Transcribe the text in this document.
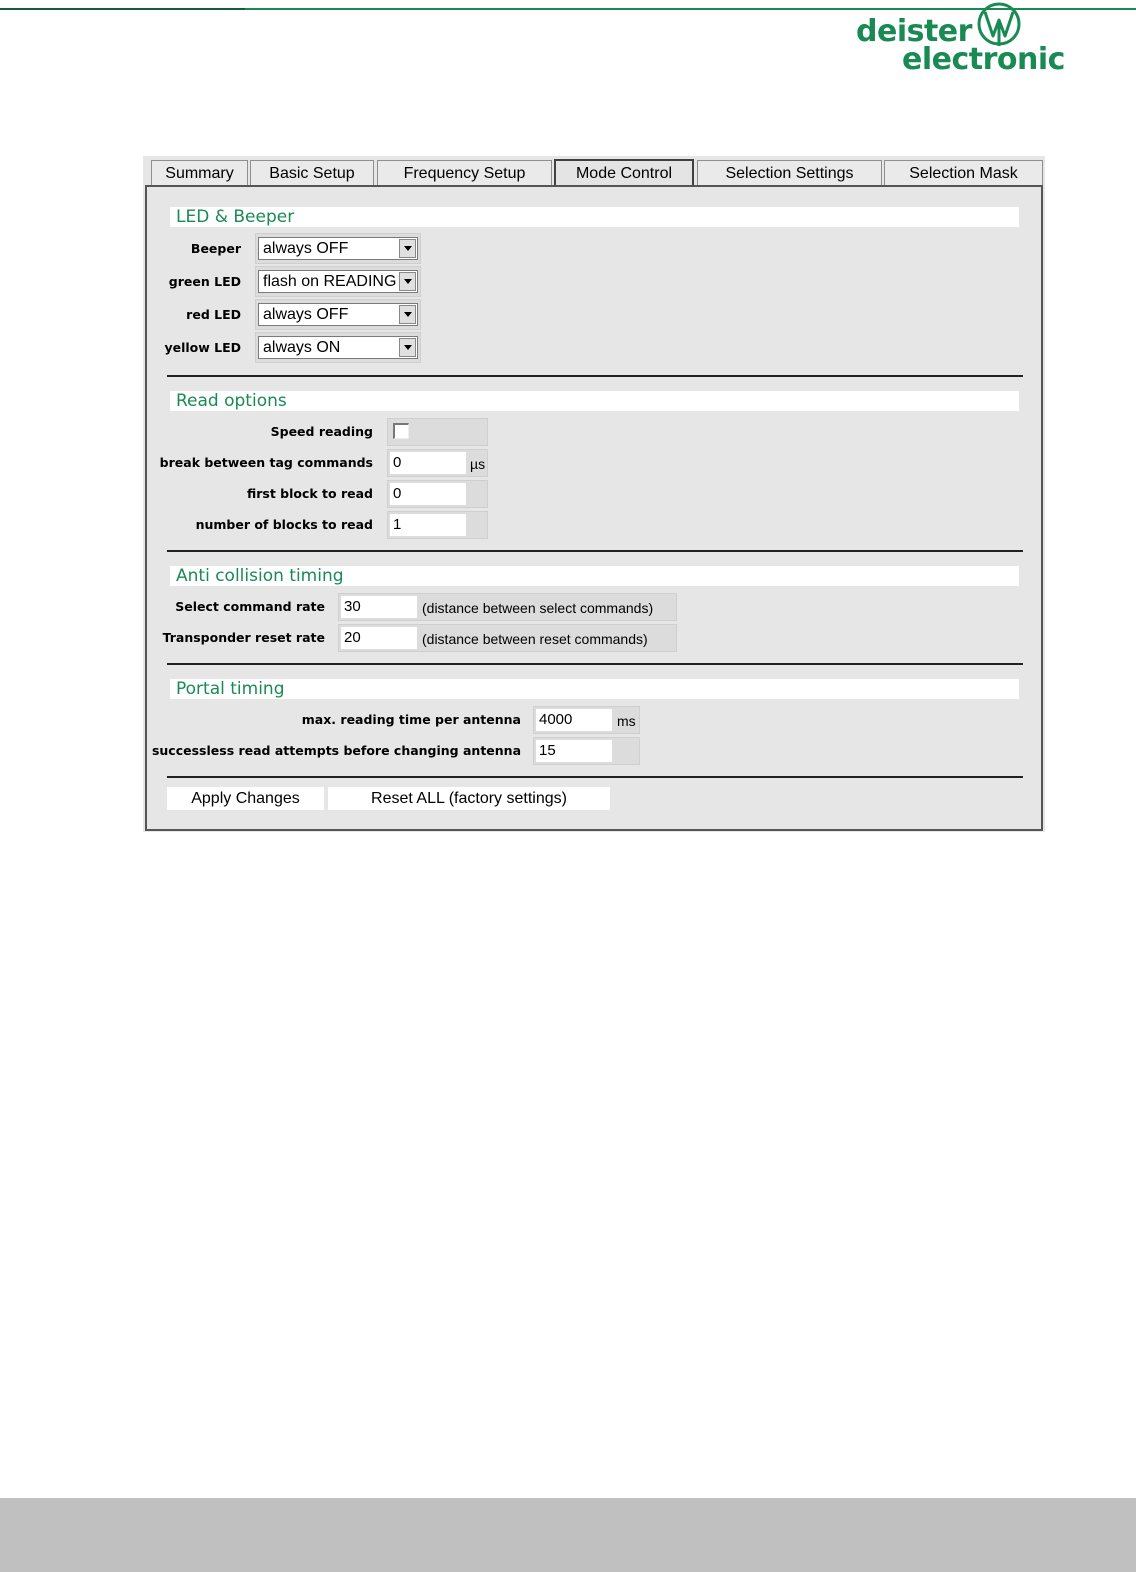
deister
electronic
Summary	Basic Setup	Frequency Setup	Mode Control	Selection Settings	Selection Mask
LED & Beeper
Beeper	always OFF
green LED	flash on READING
red LED	always OFF
yellow LED	always ON
Read options
Speed reading
break between tag commands 0	µs
first block to read 0
number of blocks to read 1
Anti collision timing
Select command rate 30	(distance between select commands)
Transponder reset rate 20	(distance between reset commands)
Portal timing
max. reading time per antenna 4000	ms
successless read attempts before changing antenna 15
Apply Changes	Reset ALL (factory settings)
